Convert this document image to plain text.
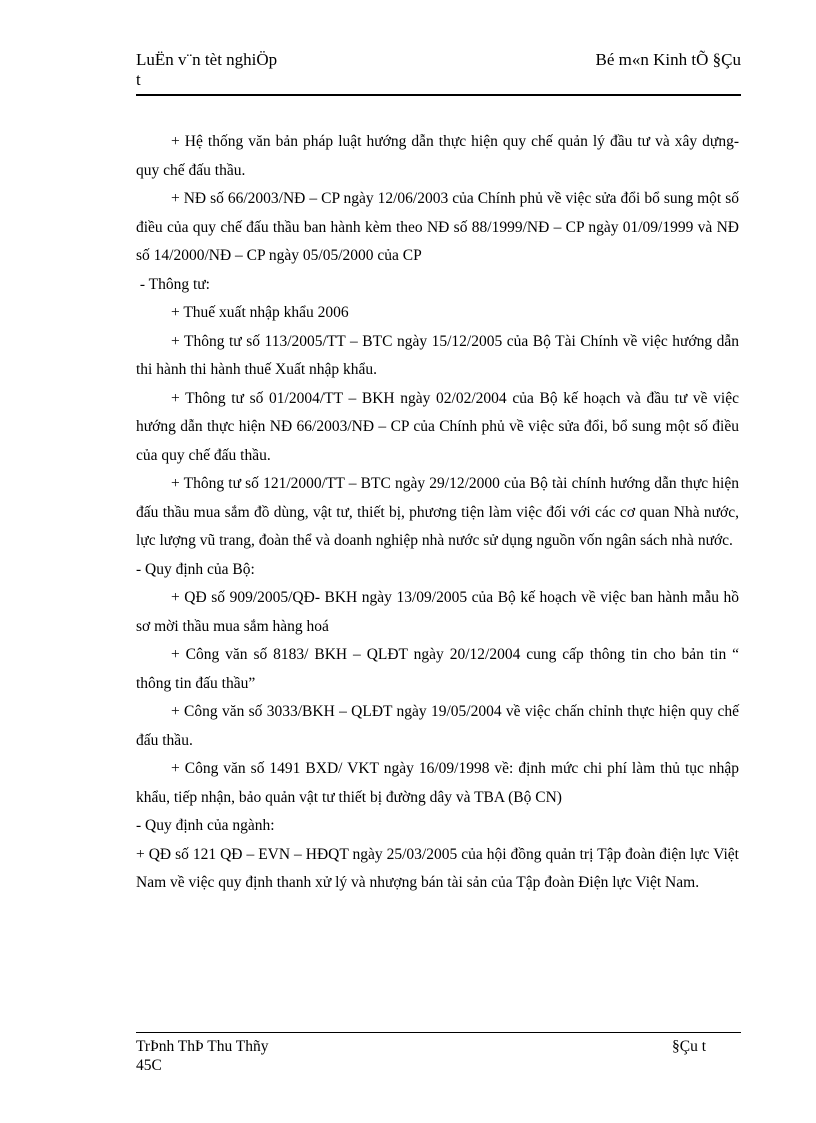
LuËn v¨n tèt nghiÖp
t
Bé m«n Kinh tÕ §Çu

+ Hệ thống văn bản pháp luật hướng dẫn thực hiện quy chế quản lý đầu tư và xây dựng- quy chế đấu thầu.

+ NĐ số 66/2003/NĐ – CP ngày 12/06/2003 của Chính phủ về việc sửa đổi bổ sung một số điều của quy chế đấu thầu ban hành kèm theo NĐ số 88/1999/NĐ – CP ngày 01/09/1999 và NĐ số 14/2000/NĐ – CP ngày 05/05/2000 của CP

- Thông tư:

+ Thuế xuất nhập khẩu 2006

+ Thông tư số 113/2005/TT – BTC ngày 15/12/2005 của Bộ Tài Chính về việc hướng dẫn thi hành thi hành thuế Xuất nhập khẩu.

+ Thông tư số 01/2004/TT – BKH ngày 02/02/2004 của Bộ kế hoạch và đầu tư về việc hướng dẫn thực hiện NĐ 66/2003/NĐ – CP của Chính phủ về việc sửa đổi, bổ sung một số điều của quy chế đấu thầu.

+ Thông tư số 121/2000/TT – BTC ngày 29/12/2000 của Bộ tài chính hướng dẫn thực hiện đấu thầu mua sắm đồ dùng, vật tư, thiết bị, phương tiện làm việc đối với các cơ quan Nhà nước, lực lượng vũ trang, đoàn thể và doanh nghiệp nhà nước sử dụng nguồn vốn ngân sách nhà nước.

- Quy định của Bộ:

+ QĐ số 909/2005/QĐ- BKH ngày 13/09/2005 của Bộ kế hoạch về việc ban hành mẫu hồ sơ mời thầu mua sắm hàng hoá

+ Công văn số 8183/ BKH – QLĐT ngày 20/12/2004 cung cấp thông tin cho bản tin “ thông tin đấu thầu”

+ Công văn số 3033/BKH – QLĐT ngày 19/05/2004 về việc chấn chỉnh thực hiện quy chế đấu thầu.

+ Công văn số 1491 BXD/ VKT ngày 16/09/1998 về: định mức chi phí làm thủ tục nhập khẩu, tiếp nhận, bảo quản vật tư thiết bị đường dây và TBA (Bộ CN)

- Quy định của ngành:

+ QĐ số 121 QĐ – EVN – HĐQT ngày 25/03/2005 của hội đồng quản trị Tập đoàn điện lực Việt Nam về việc quy định thanh xử lý và nhượng bán tài sản của Tập đoàn Điện lực Việt Nam.

TrÞnh ThÞ Thu Thñy
45C
§Çu t
